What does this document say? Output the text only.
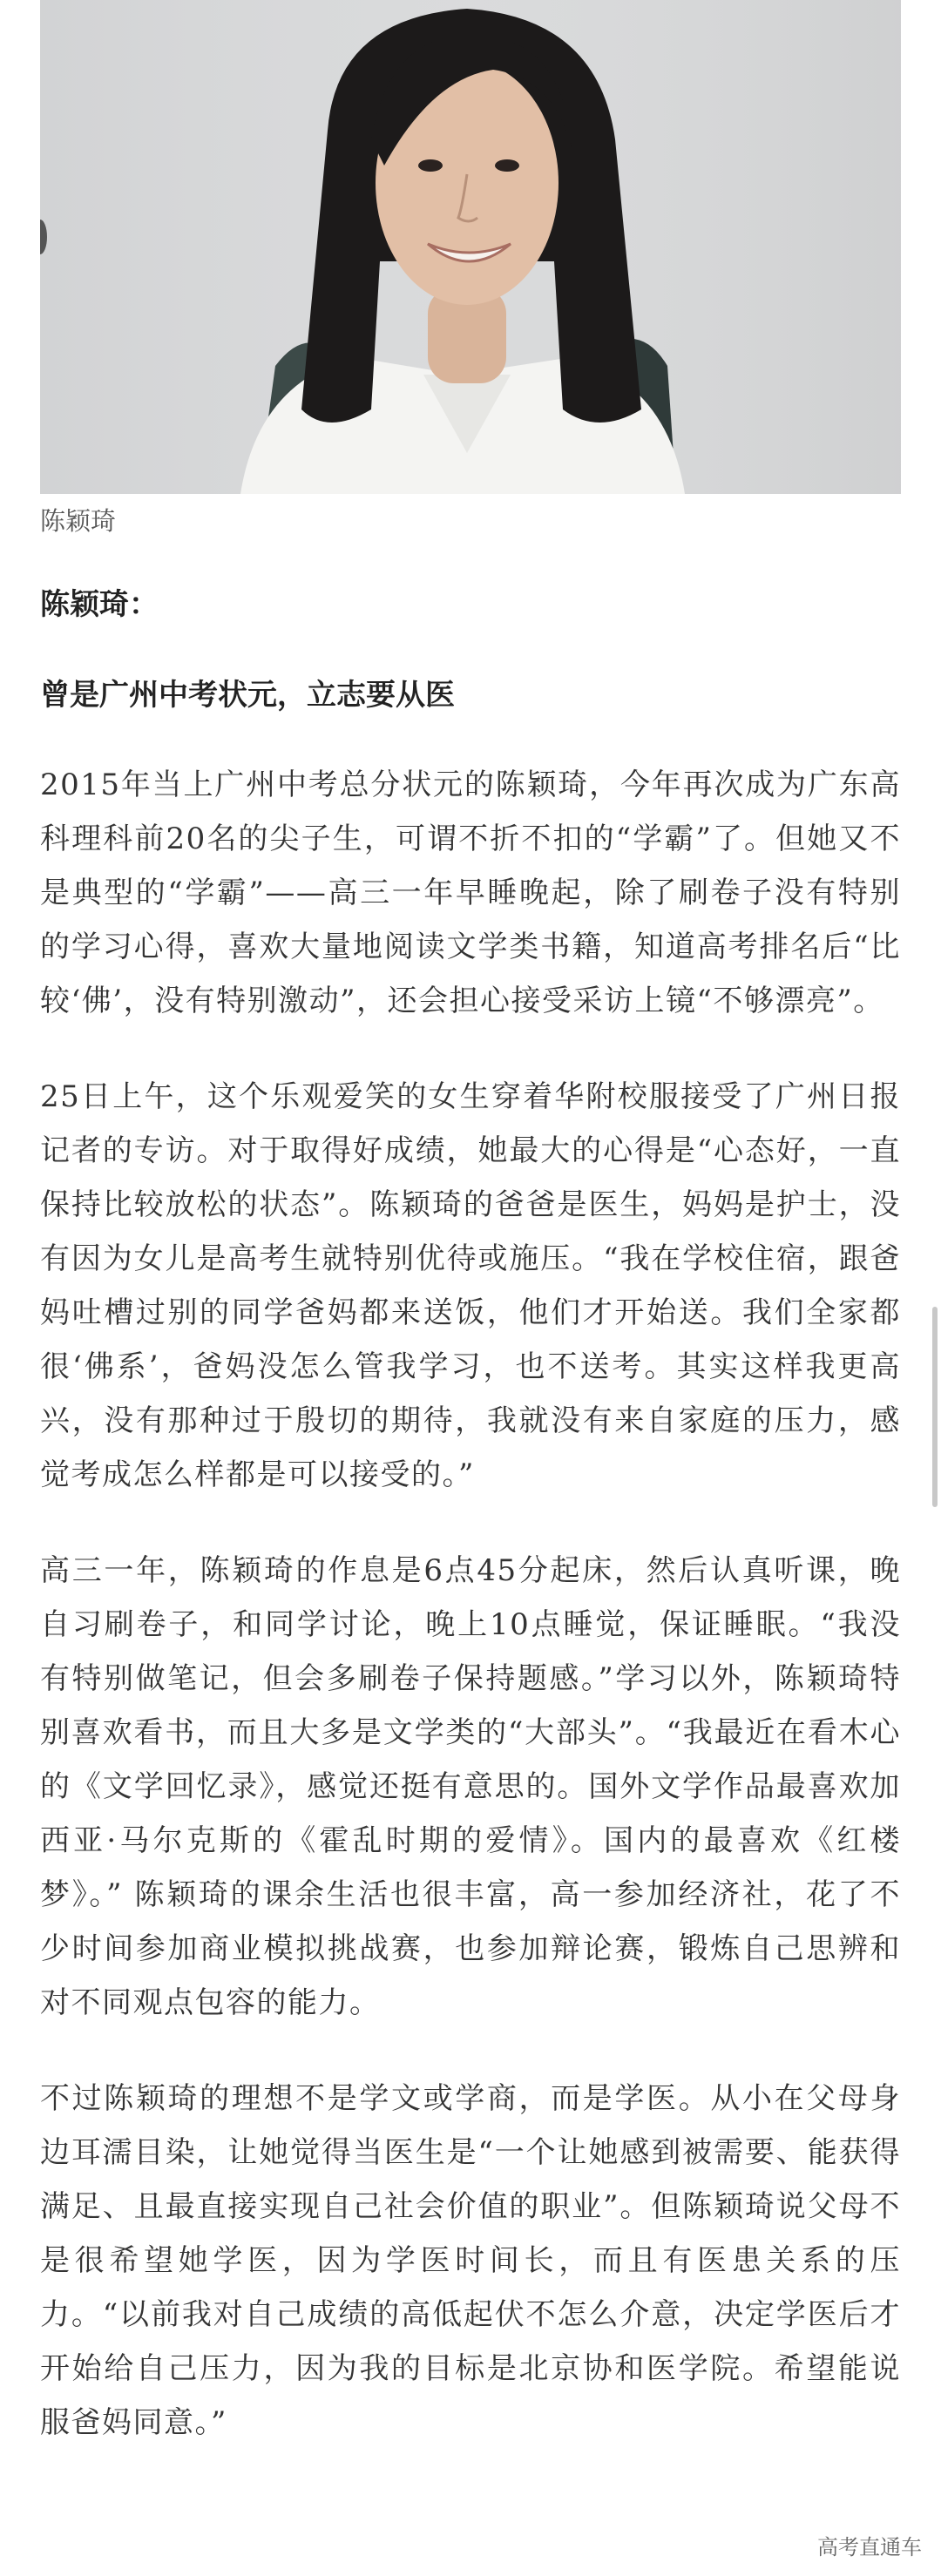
陈颖琦
陈颖琦：
曾是广州中考状元，立志要从医

2015年当上广州中考总分状元的陈颖琦，今年再次成为广东高科理科前20名的尖子生，可谓不折不扣的“学霸”了。但她又不是典型的“学霸”——高三一年早睡晚起，除了刷卷子没有特别的学习心得，喜欢大量地阅读文学类书籍，知道高考排名后“比较‘佛’，没有特别激动”，还会担心接受采访上镜“不够漂亮”。

25日上午，这个乐观爱笑的女生穿着华附校服接受了广州日报记者的专访。对于取得好成绩，她最大的心得是“心态好，一直保持比较放松的状态”。陈颖琦的爸爸是医生，妈妈是护士，没有因为女儿是高考生就特别优待或施压。“我在学校住宿，跟爸妈吐槽过别的同学爸妈都来送饭，他们才开始送。我们全家都很‘佛系’，爸妈没怎么管我学习，也不送考。其实这样我更高兴，没有那种过于殷切的期待，我就没有来自家庭的压力，感觉考成怎么样都是可以接受的。”

高三一年，陈颖琦的作息是6点45分起床，然后认真听课，晚自习刷卷子，和同学讨论，晚上10点睡觉，保证睡眠。“我没有特别做笔记，但会多刷卷子保持题感。”学习以外，陈颖琦特别喜欢看书，而且大多是文学类的“大部头”。“我最近在看木心的《文学回忆录》，感觉还挺有意思的。国外文学作品最喜欢加西亚·马尔克斯的《霍乱时期的爱情》。国内的最喜欢《红楼梦》。” 陈颖琦的课余生活也很丰富，高一参加经济社，花了不少时间参加商业模拟挑战赛，也参加辩论赛，锻炼自己思辨和对不同观点包容的能力。

不过陈颖琦的理想不是学文或学商，而是学医。从小在父母身边耳濡目染，让她觉得当医生是“一个让她感到被需要、能获得满足、且最直接实现自己社会价值的职业”。但陈颖琦说父母不是很希望她学医，因为学医时间长，而且有医患关系的压力。“以前我对自己成绩的高低起伏不怎么介意，决定学医后才开始给自己压力，因为我的目标是北京协和医学院。希望能说服爸妈同意。”

高考直通车
